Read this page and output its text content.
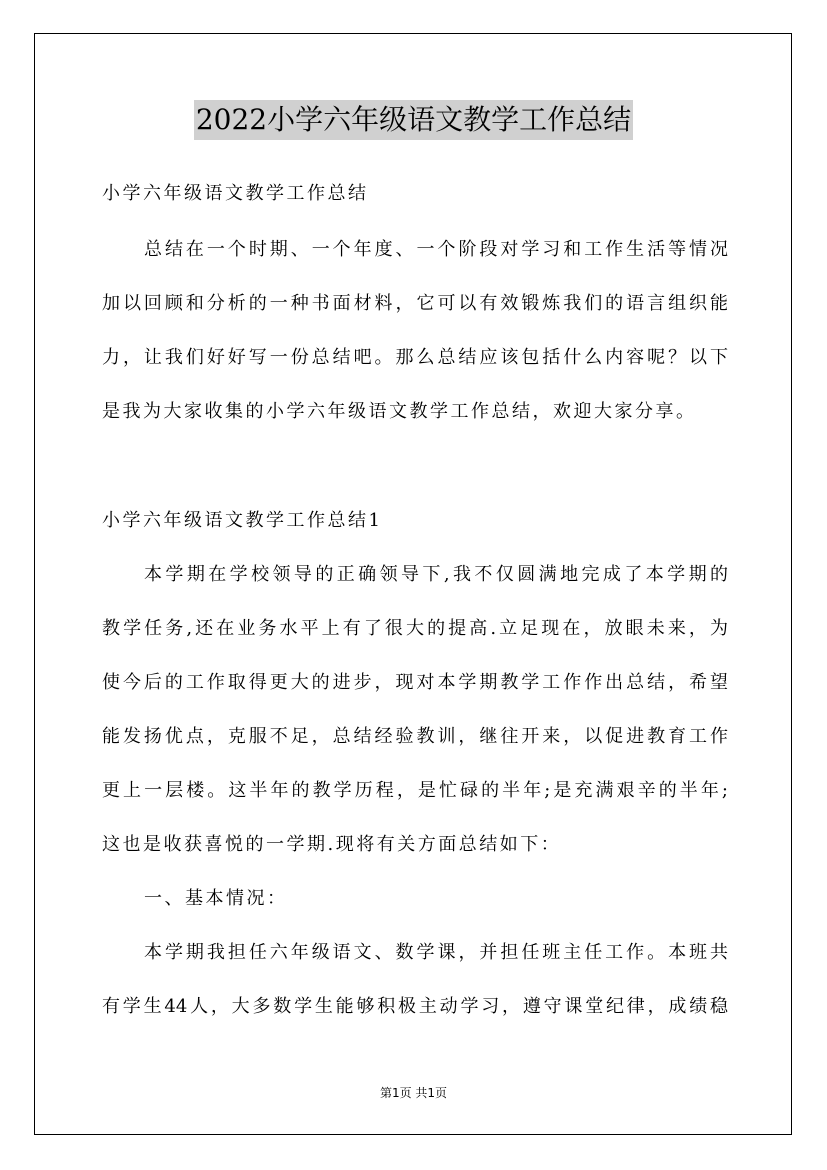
2022小学六年级语文教学工作总结
小学六年级语文教学工作总结
总结在一个时期、一个年度、一个阶段对学习和工作生活等情况
加以回顾和分析的一种书面材料，它可以有效锻炼我们的语言组织能
力，让我们好好写一份总结吧。那么总结应该包括什么内容呢？以下
是我为大家收集的小学六年级语文教学工作总结，欢迎大家分享。
小学六年级语文教学工作总结1
本学期在学校领导的正确领导下,我不仅圆满地完成了本学期的
教学任务,还在业务水平上有了很大的提高.立足现在，放眼未来，为
使今后的工作取得更大的进步，现对本学期教学工作作出总结，希望
能发扬优点，克服不足，总结经验教训，继往开来，以促进教育工作
更上一层楼。这半年的教学历程，是忙碌的半年;是充满艰辛的半年;
这也是收获喜悦的一学期.现将有关方面总结如下：
一、基本情况：
本学期我担任六年级语文、数学课，并担任班主任工作。本班共
有学生44人，大多数学生能够积极主动学习，遵守课堂纪律，成绩稳
第1页 共1页
